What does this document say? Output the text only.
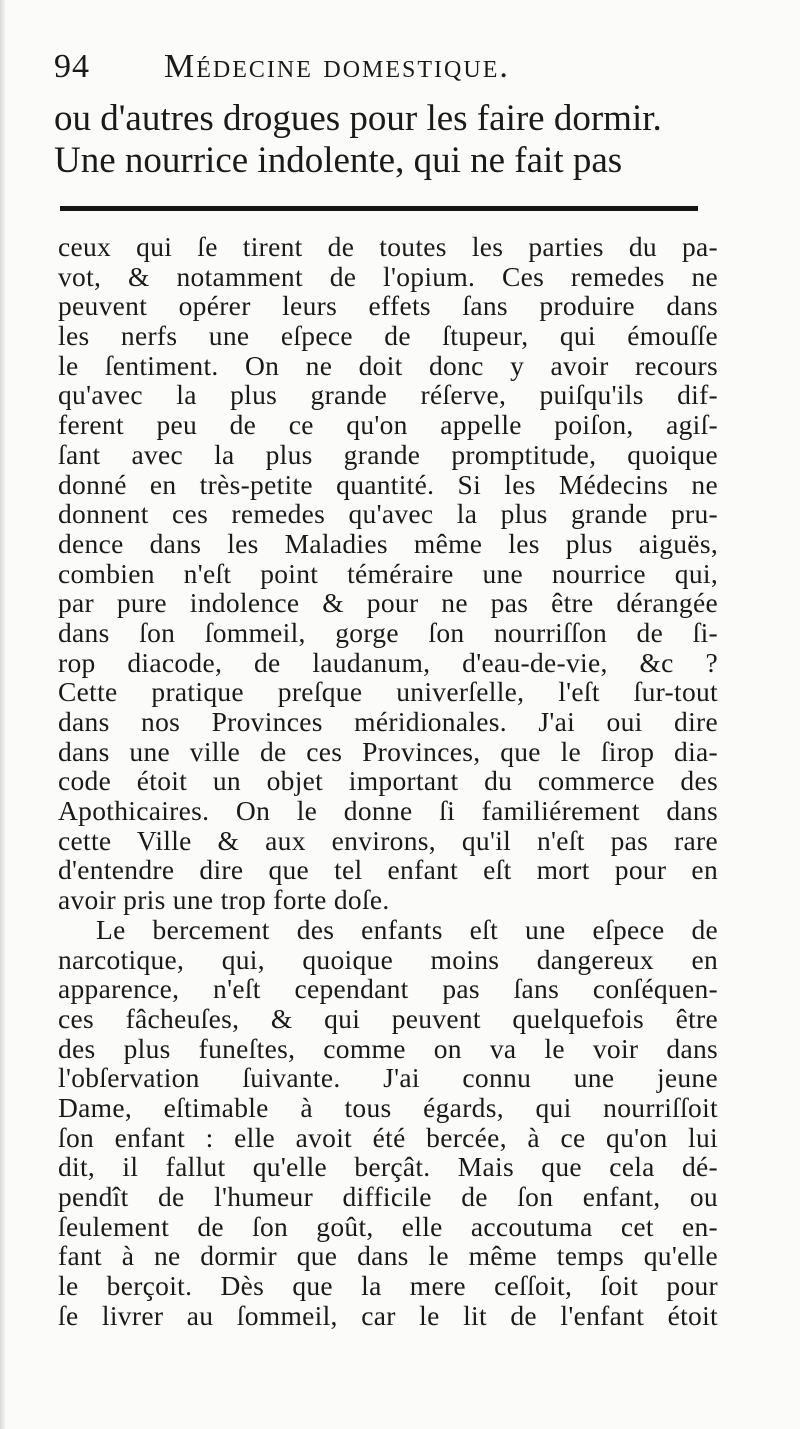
94 Médecine domestique.
ou d'autres drogues pour les faire dormir.
Une nourrice indolente, qui ne fait pas
ceux qui ſe tirent de toutes les parties du pa-
vot, & notamment de l'opium. Ces remedes ne
peuvent opérer leurs effets ſans produire dans
les nerfs une eſpece de ſtupeur, qui émouſſe
le ſentiment. On ne doit donc y avoir recours
qu'avec la plus grande réſerve, puiſqu'ils dif-
ferent peu de ce qu'on appelle poiſon, agiſ-
ſant avec la plus grande promptitude, quoique
donné en très-petite quantité. Si les Médecins ne
donnent ces remedes qu'avec la plus grande pru-
dence dans les Maladies même les plus aiguës,
combien n'eſt point téméraire une nourrice qui,
par pure indolence & pour ne pas être dérangée
dans ſon ſommeil, gorge ſon nourriſſon de ſi-
rop diacode, de laudanum, d'eau-de-vie, &c ?
Cette pratique preſque univerſelle, l'eſt ſur-tout
dans nos Provinces méridionales. J'ai oui dire
dans une ville de ces Provinces, que le ſirop dia-
code étoit un objet important du commerce des
Apothicaires. On le donne ſi familiérement dans
cette Ville & aux environs, qu'il n'eſt pas rare
d'entendre dire que tel enfant eſt mort pour en
avoir pris une trop forte doſe.
Le bercement des enfants eſt une eſpece de
narcotique, qui, quoique moins dangereux en
apparence, n'eſt cependant pas ſans conſéquen-
ces fâcheuſes, & qui peuvent quelquefois être
des plus funeſtes, comme on va le voir dans
l'obſervation ſuivante. J'ai connu une jeune
Dame, eſtimable à tous égards, qui nourriſſoit
ſon enfant : elle avoit été bercée, à ce qu'on lui
dit, il fallut qu'elle berçât. Mais que cela dé-
pendît de l'humeur difficile de ſon enfant, ou
ſeulement de ſon goût, elle accoutuma cet en-
fant à ne dormir que dans le même temps qu'elle
le berçoit. Dès que la mere ceſſoit, ſoit pour
ſe livrer au ſommeil, car le lit de l'enfant étoit
